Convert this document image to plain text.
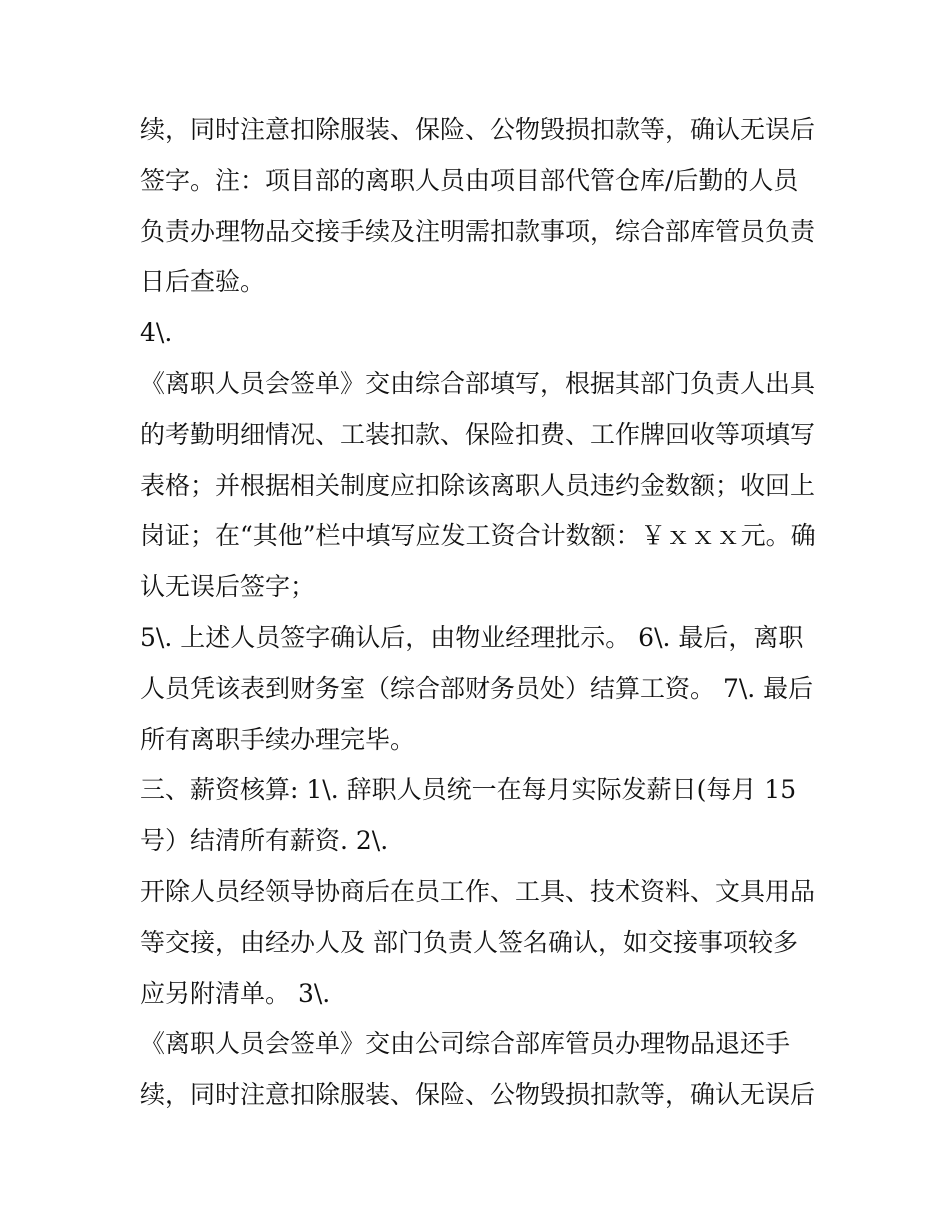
续，同时注意扣除服装、保险、公物毁损扣款等，确认无误后
签字。注：项目部的离职人员由项目部代管仓库/后勤的人员
负责办理物品交接手续及注明需扣款事项，综合部库管员负责
日后查验。
4\.
《离职人员会签单》交由综合部填写，根据其部门负责人出具
的考勤明细情况、工装扣款、保险扣费、工作牌回收等项填写
表格；并根据相关制度应扣除该离职人员违约金数额；收回上
岗证；在“其他”栏中填写应发工资合计数额：￥ｘｘｘ元。确
认无误后签字；
5\. 上述人员签字确认后，由物业经理批示。 6\. 最后，离职
人员凭该表到财务室（综合部财务员处）结算工资。 7\. 最后
所有离职手续办理完毕。
三、薪资核算: 1\. 辞职人员统一在每月实际发薪日(每月 15
号）结清所有薪资. 2\.
开除人员经领导协商后在员工作、工具、技术资料、文具用品
等交接，由经办人及 部门负责人签名确认，如交接事项较多
应另附清单。 3\.
《离职人员会签单》交由公司综合部库管员办理物品退还手
续，同时注意扣除服装、保险、公物毁损扣款等，确认无误后
